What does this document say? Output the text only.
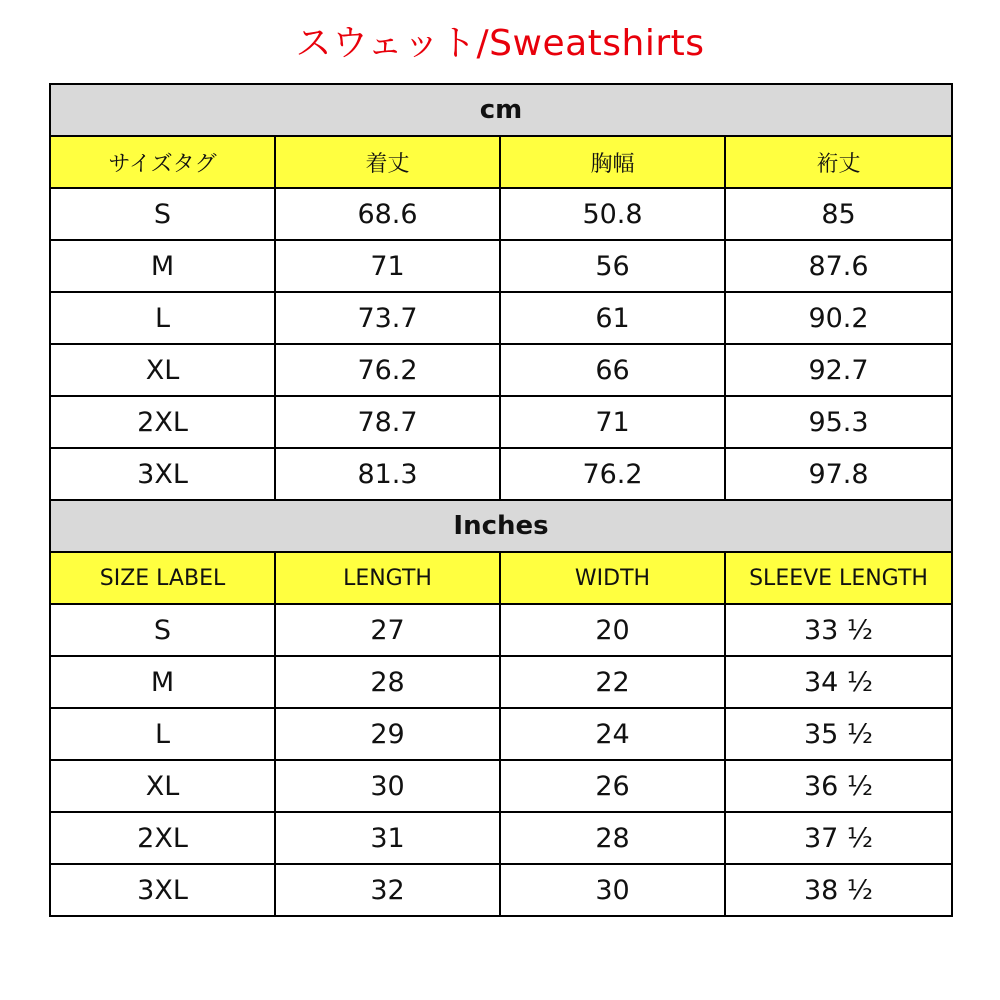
スウェット/Sweatshirts
cm			
サイズタグ	着丈	胸幅	裄丈
S	68.6	50.8	85
M	71	56	87.6
L	73.7	61	90.2
XL	76.2	66	92.7
2XL	78.7	71	95.3
3XL	81.3	76.2	97.8
Inches			
SIZE LABEL	LENGTH	WIDTH	SLEEVE LENGTH
S	27	20	33 ½
M	28	22	34 ½
L	29	24	35 ½
XL	30	26	36 ½
2XL	31	28	37 ½
3XL	32	30	38 ½
